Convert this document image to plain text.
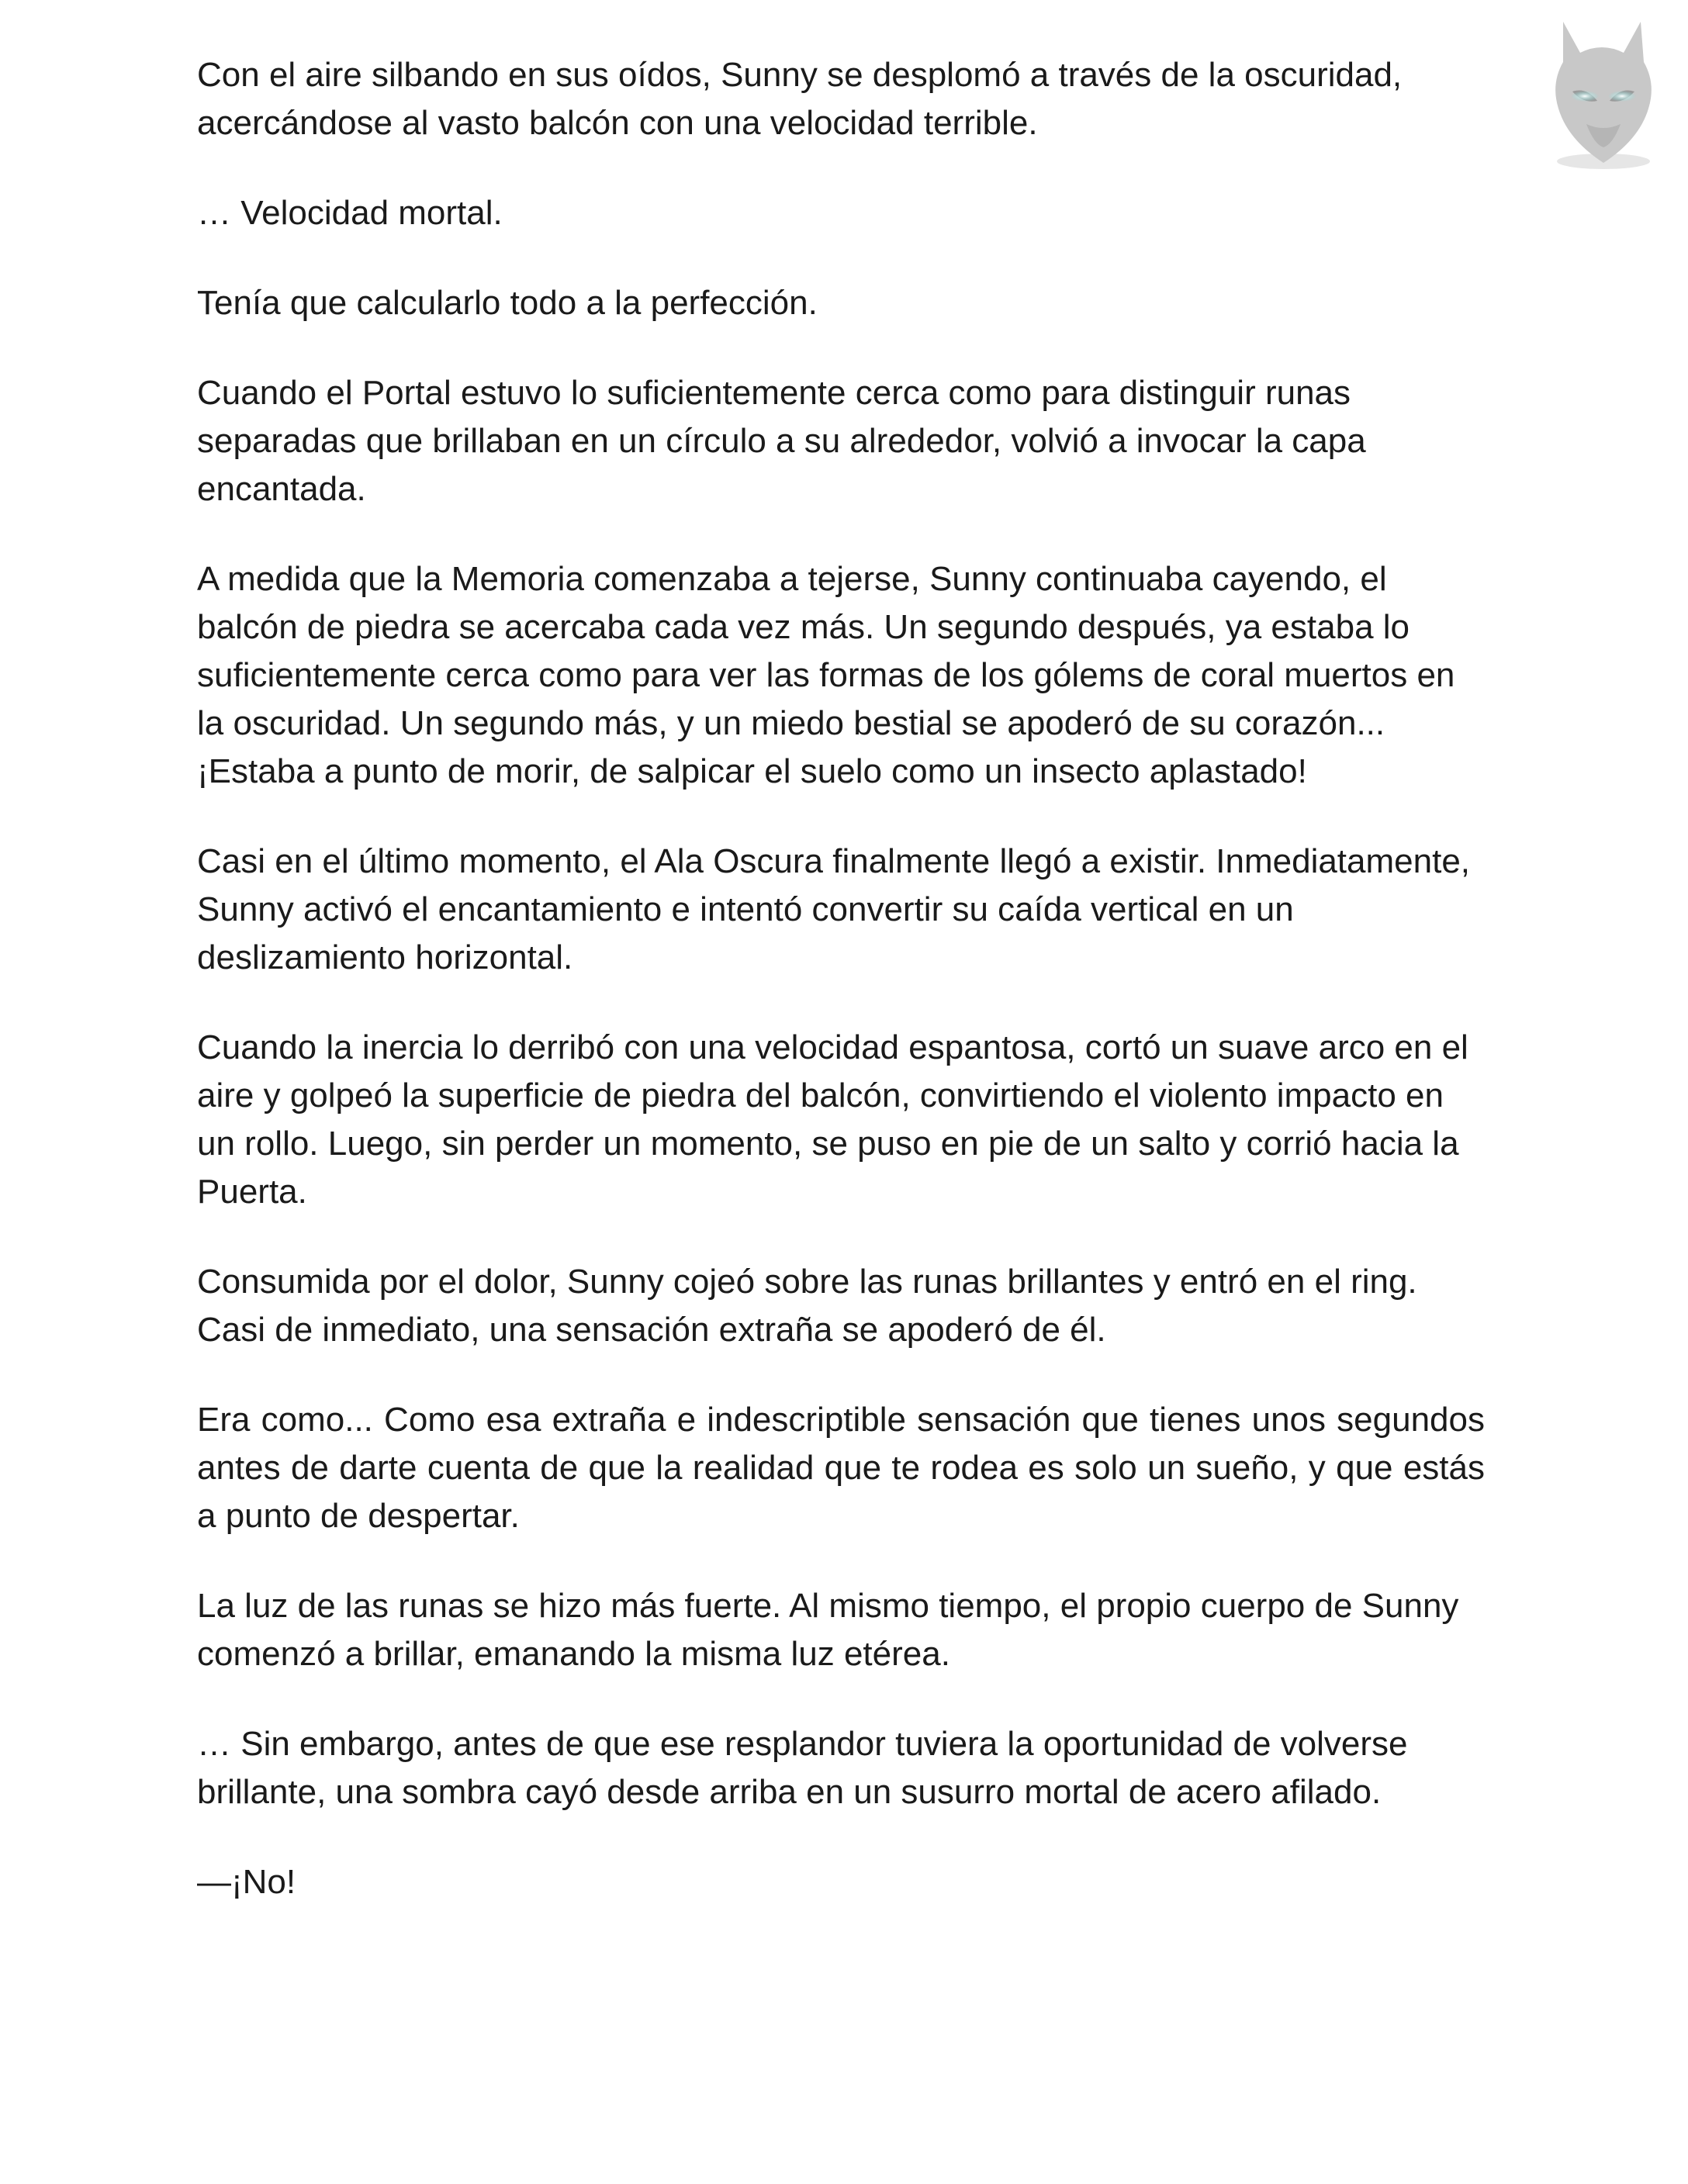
Con el aire silbando en sus oídos, Sunny se desplomó a través de la oscuridad, acercándose al vasto balcón con una velocidad terrible.

… Velocidad mortal.

Tenía que calcularlo todo a la perfección.

Cuando el Portal estuvo lo suficientemente cerca como para distinguir runas separadas que brillaban en un círculo a su alrededor, volvió a invocar la capa encantada.

A medida que la Memoria comenzaba a tejerse, Sunny continuaba cayendo, el balcón de piedra se acercaba cada vez más. Un segundo después, ya estaba lo suficientemente cerca como para ver las formas de los gólems de coral muertos en la oscuridad. Un segundo más, y un miedo bestial se apoderó de su corazón... ¡Estaba a punto de morir, de salpicar el suelo como un insecto aplastado!

Casi en el último momento, el Ala Oscura finalmente llegó a existir. Inmediatamente, Sunny activó el encantamiento e intentó convertir su caída vertical en un deslizamiento horizontal.

Cuando la inercia lo derribó con una velocidad espantosa, cortó un suave arco en el aire y golpeó la superficie de piedra del balcón, convirtiendo el violento impacto en un rollo. Luego, sin perder un momento, se puso en pie de un salto y corrió hacia la Puerta.

Consumida por el dolor, Sunny cojeó sobre las runas brillantes y entró en el ring. Casi de inmediato, una sensación extraña se apoderó de él.

Era como... Como esa extraña e indescriptible sensación que tienes unos segundos antes de darte cuenta de que la realidad que te rodea es solo un sueño, y que estás a punto de despertar.

La luz de las runas se hizo más fuerte. Al mismo tiempo, el propio cuerpo de Sunny comenzó a brillar, emanando la misma luz etérea.

… Sin embargo, antes de que ese resplandor tuviera la oportunidad de volverse brillante, una sombra cayó desde arriba en un susurro mortal de acero afilado.

—¡No!
